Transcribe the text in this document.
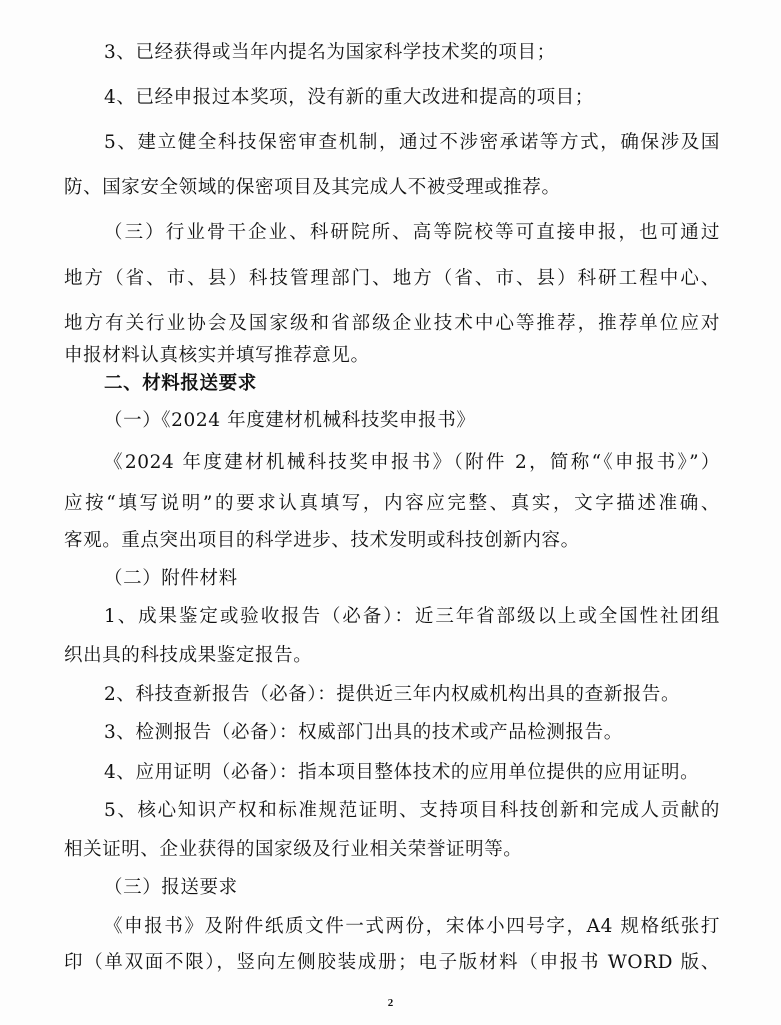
3、已经获得或当年内提名为国家科学技术奖的项目；
4、已经申报过本奖项，没有新的重大改进和提高的项目；
5、建立健全科技保密审查机制，通过不涉密承诺等方式，确保涉及国
防、国家安全领域的保密项目及其完成人不被受理或推荐。
（三）行业骨干企业、科研院所、高等院校等可直接申报，也可通过
地方（省、市、县）科技管理部门、地方（省、市、县）科研工程中心、
地方有关行业协会及国家级和省部级企业技术中心等推荐，推荐单位应对
申报材料认真核实并填写推荐意见。
二、材料报送要求
（一）《2024 年度建材机械科技奖申报书》
《2024 年度建材机械科技奖申报书》（附件 2，简称“《申报书》”）
应按“填写说明”的要求认真填写，内容应完整、真实，文字描述准确、
客观。重点突出项目的科学进步、技术发明或科技创新内容。
（二）附件材料
1、成果鉴定或验收报告（必备）：近三年省部级以上或全国性社团组
织出具的科技成果鉴定报告。
2、科技查新报告（必备）：提供近三年内权威机构出具的查新报告。
3、检测报告（必备）：权威部门出具的技术或产品检测报告。
4、应用证明（必备）：指本项目整体技术的应用单位提供的应用证明。
5、核心知识产权和标准规范证明、支持项目科技创新和完成人贡献的
相关证明、企业获得的国家级及行业相关荣誉证明等。
（三）报送要求
《申报书》及附件纸质文件一式两份，宋体小四号字，A4 规格纸张打
印（单双面不限），竖向左侧胶装成册；电子版材料（申报书 WORD 版、
2
